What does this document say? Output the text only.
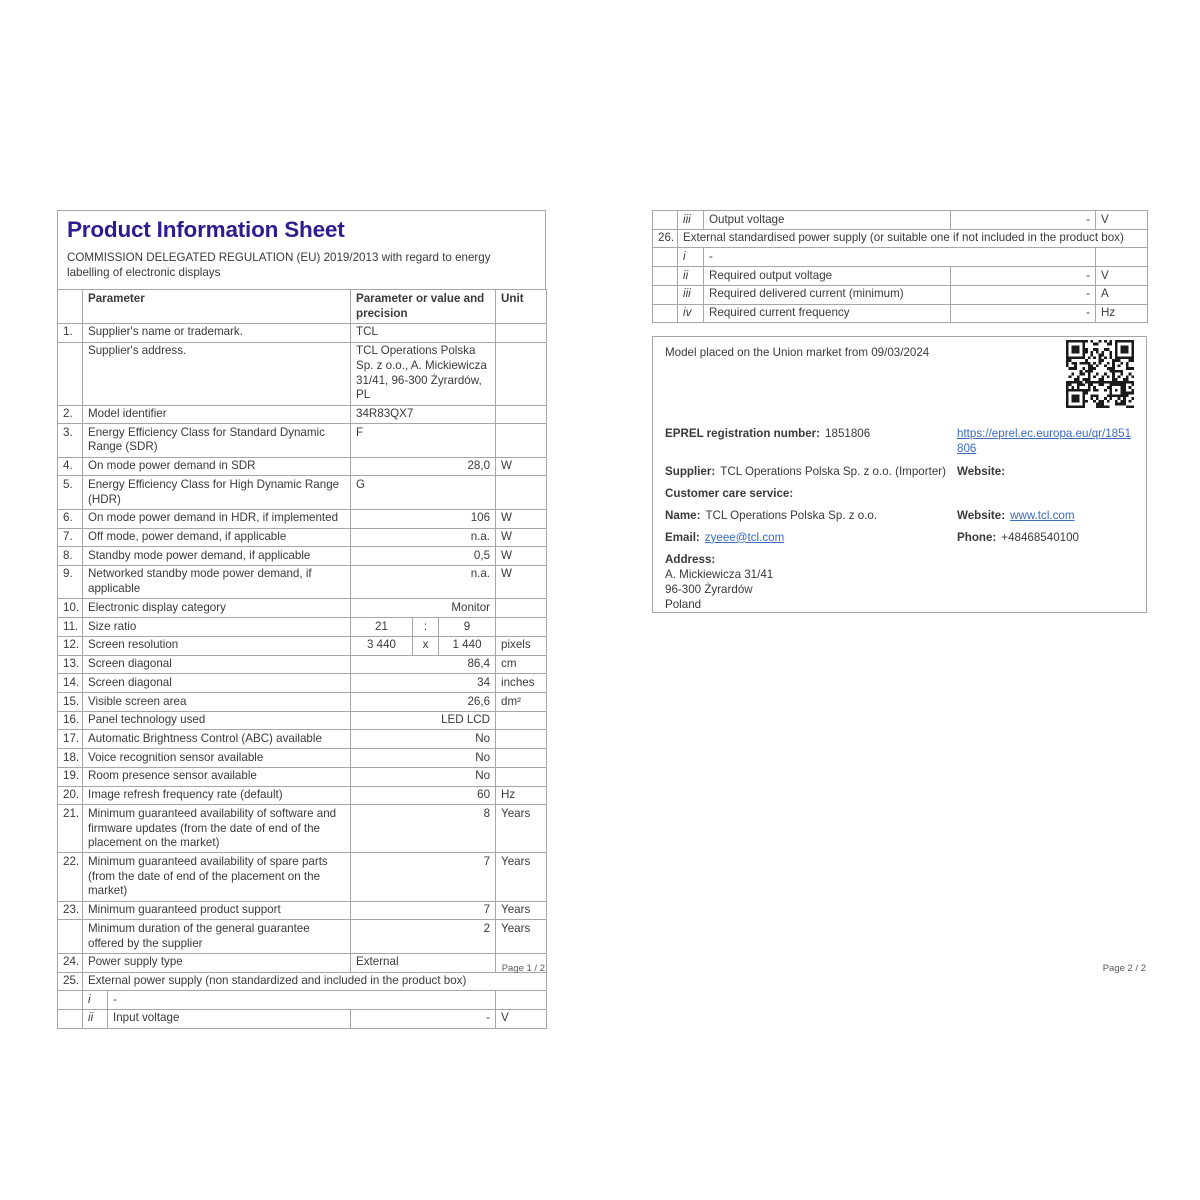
Product Information Sheet

COMMISSION DELEGATED REGULATION (EU) 2019/2013 with regard to energy labelling of electronic displays

	Parameter		Parameter or value and precision			Unit
1.	Supplier's name or trademark.		TCL			
	Supplier's address.		TCL Operations Polska Sp. z o.o., A. Mickiewicza 31/41, 96-300 Żyrardów, PL			
2.	Model identifier		34R83QX7			
3.	Energy Efficiency Class for Standard Dynamic Range (SDR)		F			
4.	On mode power demand in SDR		28,0			W
5.	Energy Efficiency Class for High Dynamic Range (HDR)		G			
6.	On mode power demand in HDR, if implemented		106			W
7.	Off mode, power demand, if applicable		n.a.			W
8.	Standby mode power demand, if applicable		0,5			W
9.	Networked standby mode power demand, if applicable		n.a.			W
10.	Electronic display category		Monitor			
11.	Size ratio		21	:	9	
12.	Screen resolution		3 440	x	1 440	pixels
13.	Screen diagonal		86,4			cm
14.	Screen diagonal		34			inches
15.	Visible screen area		26,6			dm²
16.	Panel technology used		LED LCD			
17.	Automatic Brightness Control (ABC) available		No			
18.	Voice recognition sensor available		No			
19.	Room presence sensor available		No			
20.	Image refresh frequency rate (default)		60			Hz
21.	Minimum guaranteed availability of software and firmware updates (from the date of end of the placement on the market)		8			Years
22.	Minimum guaranteed availability of spare parts (from the date of end of the placement on the market)		7			Years
23.	Minimum guaranteed product support		7			Years
	Minimum duration of the general guarantee offered by the supplier		2			Years
24.	Power supply type		External			
25.	External power supply (non standardized and included in the product box)					
	i	-				
	ii	Input voltage	-			V
Page 1 / 2
	iii	Output voltage	-	V
26.	External standardised power supply (or suitable one if not included in the product box)			
	i	-		
	ii	Required output voltage	-	V
	iii	Required delivered current (minimum)	-	A
	iv	Required current frequency	-	Hz
Model placed on the Union market from 09/03/2024
EPREL registration number: 1851806	https://eprel.ec.europa.eu/qr/1851806
Supplier: TCL Operations Polska Sp. z o.o. (Importer) Website:
Customer care service:
Name: TCL Operations Polska Sp. z o.o.	Website: www.tcl.com
Email: zyeee@tcl.com	Phone: +48468540100
Address:
A. Mickiewicza 31/41
96-300 Żyrardów
Poland
Page 2 / 2
